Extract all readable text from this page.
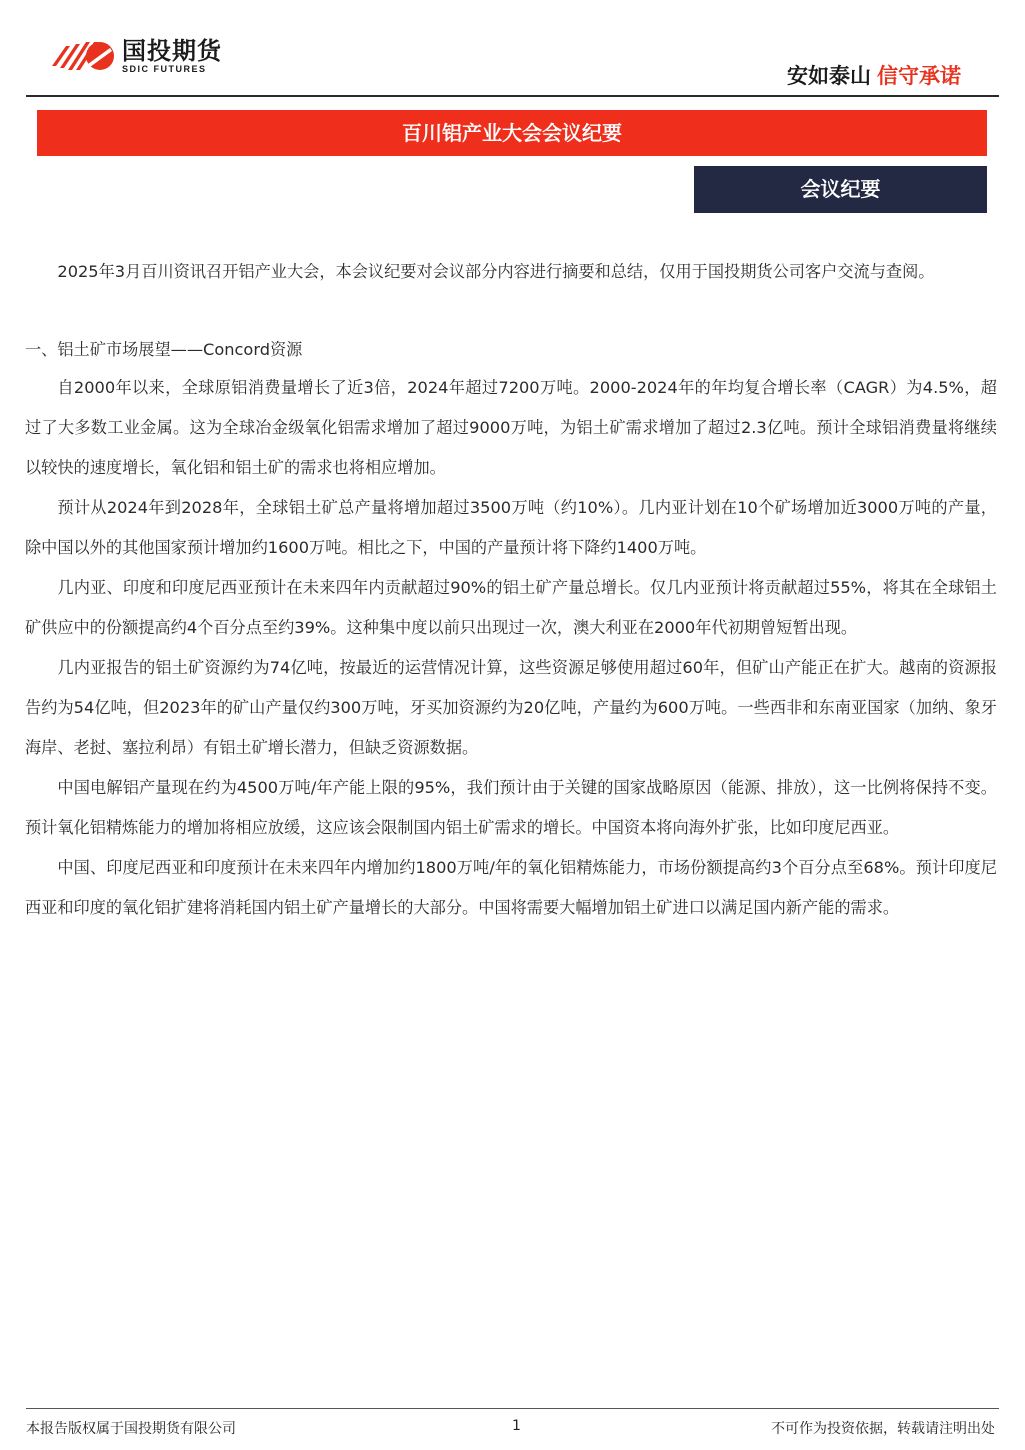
国投期货
SDIC FUTURES	安如泰山 信守承诺
百川铝产业大会会议纪要
会议纪要

2025年3月百川资讯召开铝产业大会，本会议纪要对会议部分内容进行摘要和总结，仅用于国投期货公司客户交流与查阅。

一、铝土矿市场展望——Concord资源

自2000年以来，全球原铝消费量增长了近3倍，2024年超过7200万吨。2000-2024年的年均复合增长率（CAGR）为4.5%，超过了大多数工业金属。这为全球冶金级氧化铝需求增加了超过9000万吨，为铝土矿需求增加了超过2.3亿吨。预计全球铝消费量将继续以较快的速度增长，氧化铝和铝土矿的需求也将相应增加。

预计从2024年到2028年，全球铝土矿总产量将增加超过3500万吨（约10%）。几内亚计划在10个矿场增加近3000万吨的产量，除中国以外的其他国家预计增加约1600万吨。相比之下，中国的产量预计将下降约1400万吨。

几内亚、印度和印度尼西亚预计在未来四年内贡献超过90%的铝土矿产量总增长。仅几内亚预计将贡献超过55%，将其在全球铝土矿供应中的份额提高约4个百分点至约39%。这种集中度以前只出现过一次，澳大利亚在2000年代初期曾短暂出现。

几内亚报告的铝土矿资源约为74亿吨，按最近的运营情况计算，这些资源足够使用超过60年，但矿山产能正在扩大。越南的资源报告约为54亿吨，但2023年的矿山产量仅约300万吨，牙买加资源约为20亿吨，产量约为600万吨。一些西非和东南亚国家（加纳、象牙海岸、老挝、塞拉利昂）有铝土矿增长潜力，但缺乏资源数据。

中国电解铝产量现在约为4500万吨/年产能上限的95%，我们预计由于关键的国家战略原因（能源、排放），这一比例将保持不变。预计氧化铝精炼能力的增加将相应放缓，这应该会限制国内铝土矿需求的增长。中国资本将向海外扩张，比如印度尼西亚。

中国、印度尼西亚和印度预计在未来四年内增加约1800万吨/年的氧化铝精炼能力，市场份额提高约3个百分点至68%。预计印度尼西亚和印度的氧化铝扩建将消耗国内铝土矿产量增长的大部分。中国将需要大幅增加铝土矿进口以满足国内新产能的需求。

本报告版权属于国投期货有限公司	1	不可作为投资依据，转载请注明出处
